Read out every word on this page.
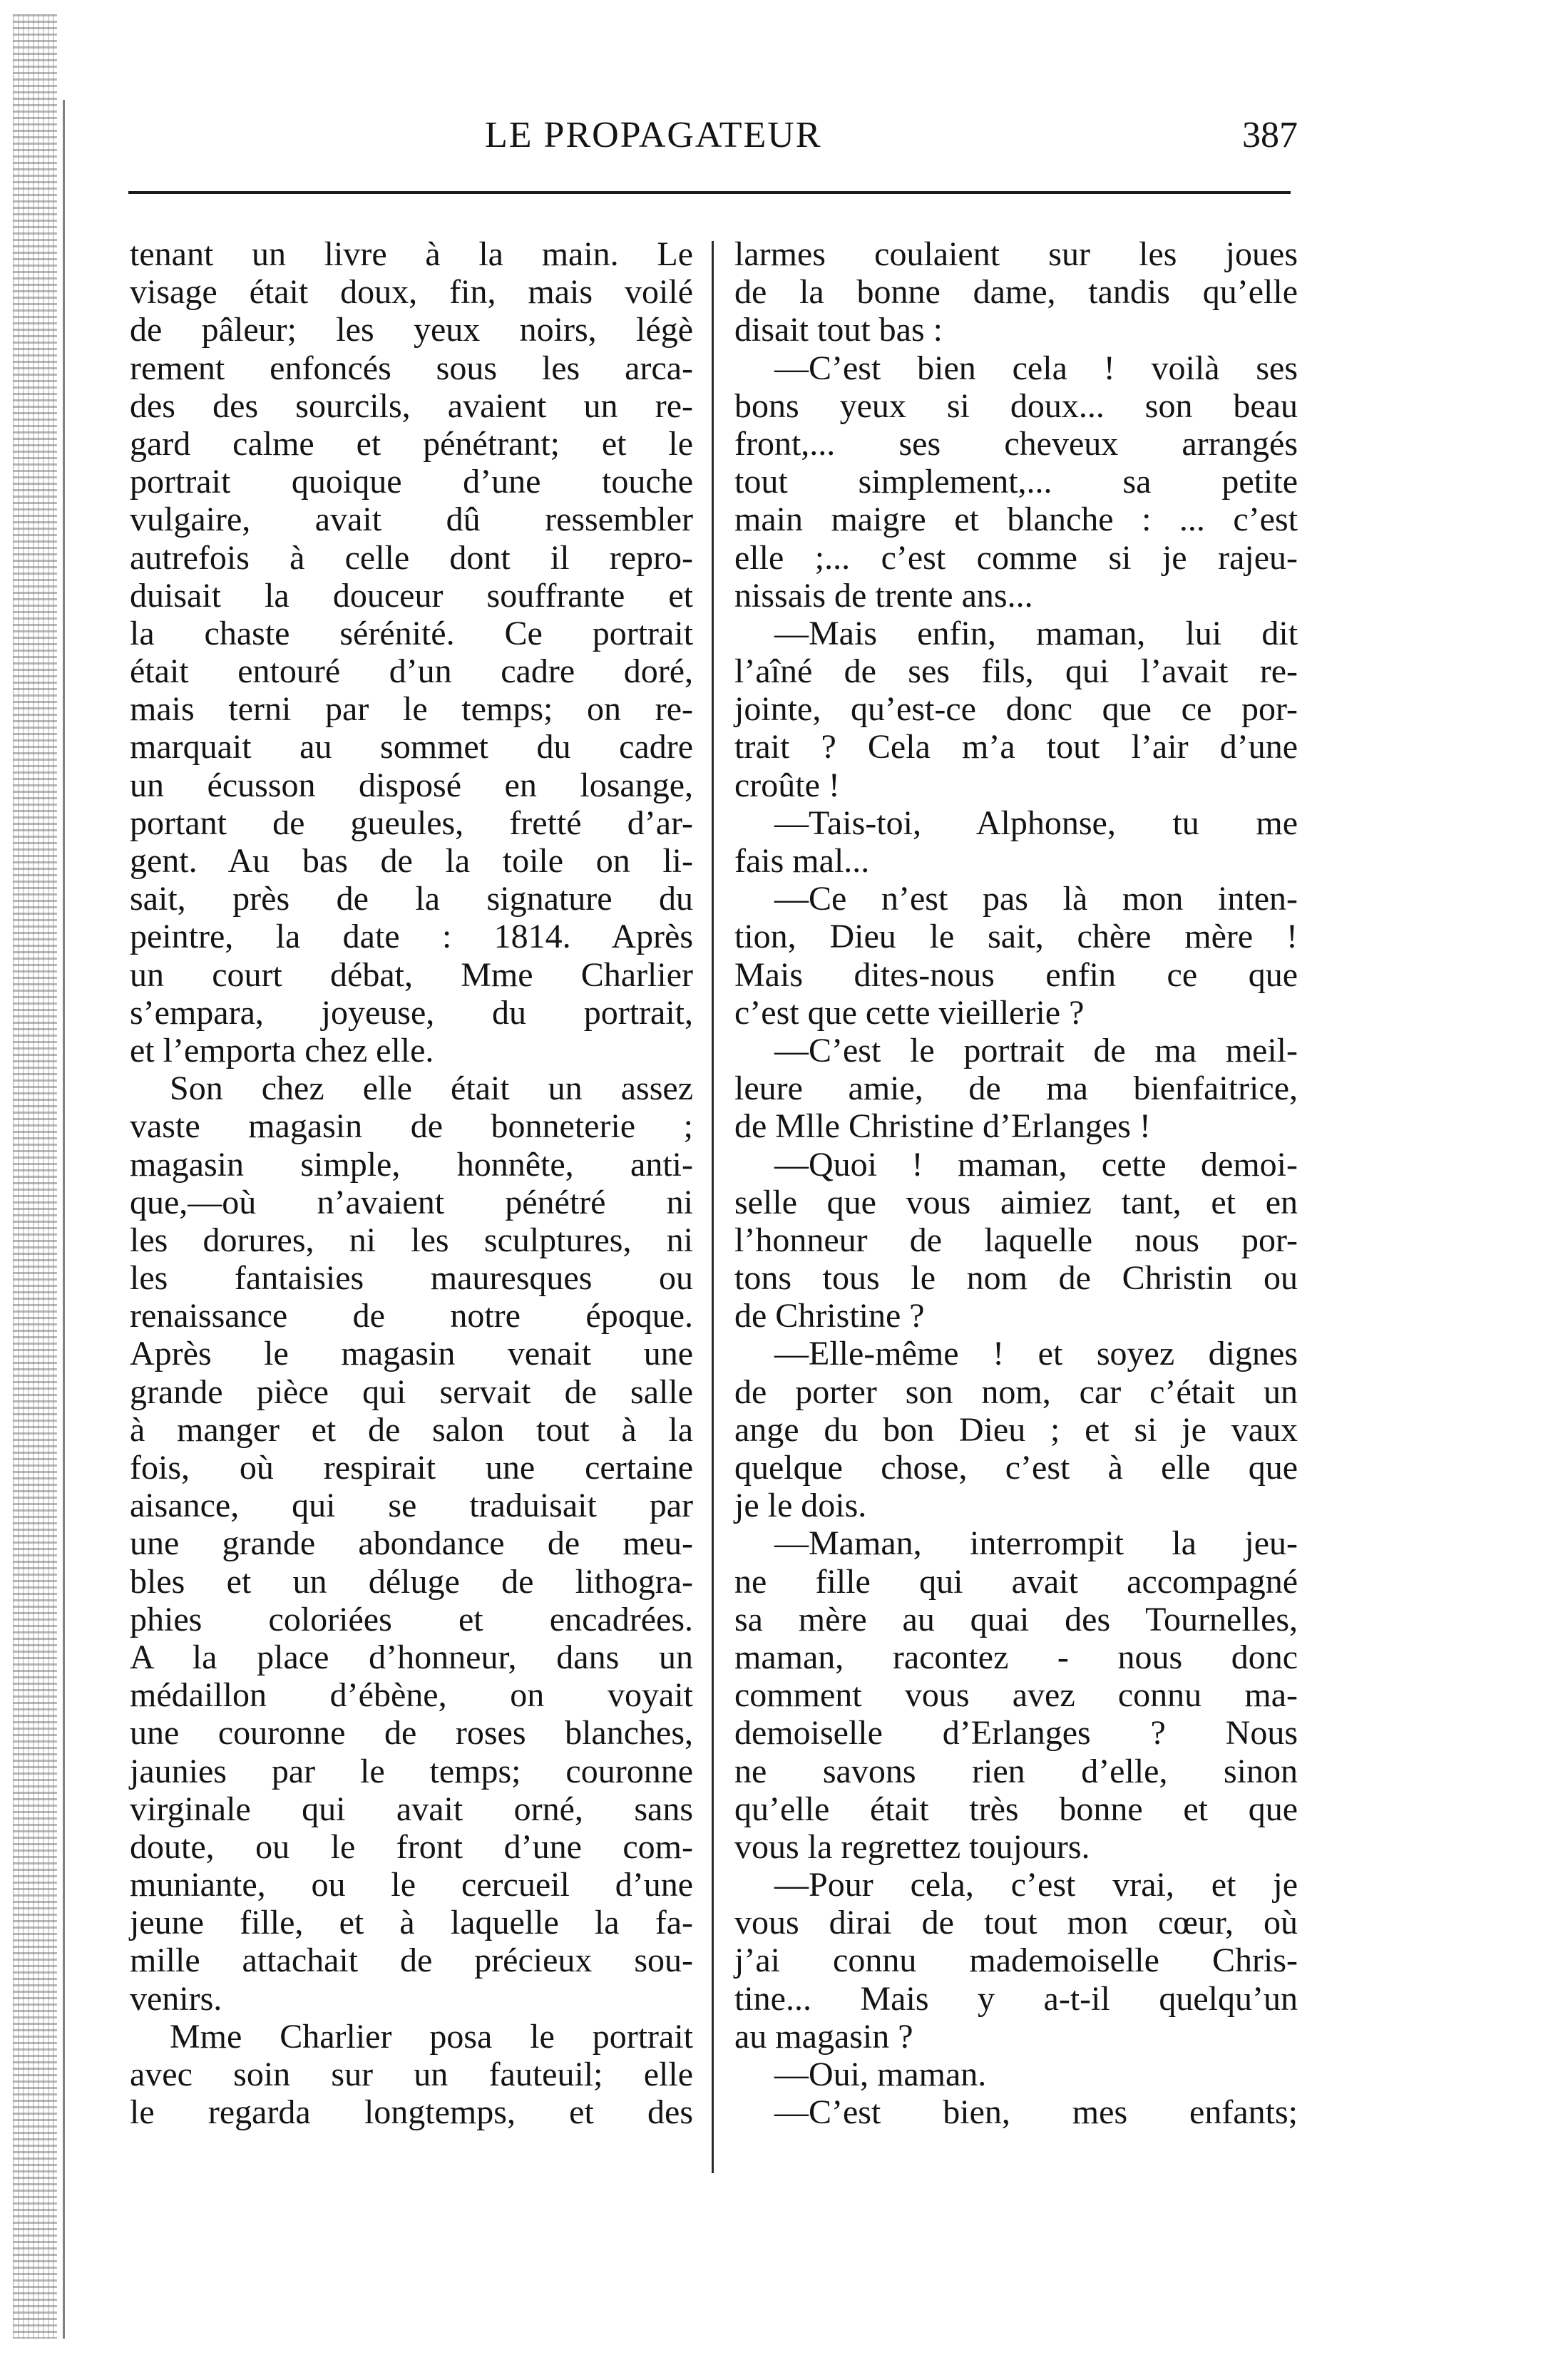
LE PROPAGATEUR	387
tenant un livre à la main. Le
visage était doux, fin, mais voilé
de pâleur; les yeux noirs, légè
rement enfoncés sous les arca-
des des sourcils, avaient un re-
gard calme et pénétrant; et le
portrait quoique d’une touche
vulgaire, avait dû ressembler
autrefois à celle dont il repro-
duisait la douceur souffrante et
la chaste sérénité. Ce portrait
était entouré d’un cadre doré,
mais terni par le temps; on re-
marquait au sommet du cadre
un écusson disposé en losange,
portant de gueules, fretté d’ar-
gent. Au bas de la toile on li-
sait, près de la signature du
peintre, la date : 1814. Après
un court débat, Mme Charlier
s’empara, joyeuse, du portrait,
et l’emporta chez elle.
Son chez elle était un assez
vaste magasin de bonneterie ;
magasin simple, honnête, anti-
que,—où n’avaient pénétré ni
les dorures, ni les sculptures, ni
les fantaisies mauresques ou
renaissance de notre époque.
Après le magasin venait une
grande pièce qui servait de salle
à manger et de salon tout à la
fois, où respirait une certaine
aisance, qui se traduisait par
une grande abondance de meu-
bles et un déluge de lithogra-
phies coloriées et encadrées.
A la place d’honneur, dans un
médaillon d’ébène, on voyait
une couronne de roses blanches,
jaunies par le temps; couronne
virginale qui avait orné, sans
doute, ou le front d’une com-
muniante, ou le cercueil d’une
jeune fille, et à laquelle la fa-
mille attachait de précieux sou-
venirs.
Mme Charlier posa le portrait
avec soin sur un fauteuil; elle
le regarda longtemps, et des
larmes coulaient sur les joues
de la bonne dame, tandis qu’elle
disait tout bas :
—C’est bien cela ! voilà ses
bons yeux si doux... son beau
front,... ses cheveux arrangés
tout simplement,... sa petite
main maigre et blanche : ... c’est
elle ;... c’est comme si je rajeu-
nissais de trente ans...
—Mais enfin, maman, lui dit
l’aîné de ses fils, qui l’avait re-
jointe, qu’est-ce donc que ce por-
trait ? Cela m’a tout l’air d’une
croûte !
—Tais-toi, Alphonse, tu me
fais mal...
—Ce n’est pas là mon inten-
tion, Dieu le sait, chère mère !
Mais dites-nous enfin ce que
c’est que cette vieillerie ?
—C’est le portrait de ma meil-
leure amie, de ma bienfaitrice,
de Mlle Christine d’Erlanges !
—Quoi ! maman, cette demoi-
selle que vous aimiez tant, et en
l’honneur de laquelle nous por-
tons tous le nom de Christin ou
de Christine ?
—Elle-même ! et soyez dignes
de porter son nom, car c’était un
ange du bon Dieu ; et si je vaux
quelque chose, c’est à elle que
je le dois.
—Maman, interrompit la jeu-
ne fille qui avait accompagné
sa mère au quai des Tournelles,
maman, racontez - nous donc
comment vous avez connu ma-
demoiselle d’Erlanges ? Nous
ne savons rien d’elle, sinon
qu’elle était très bonne et que
vous la regrettez toujours.
—Pour cela, c’est vrai, et je
vous dirai de tout mon cœur, où
j’ai connu mademoiselle Chris-
tine... Mais y a-t-il quelqu’un
au magasin ?
—Oui, maman.
—C’est bien, mes enfants;
